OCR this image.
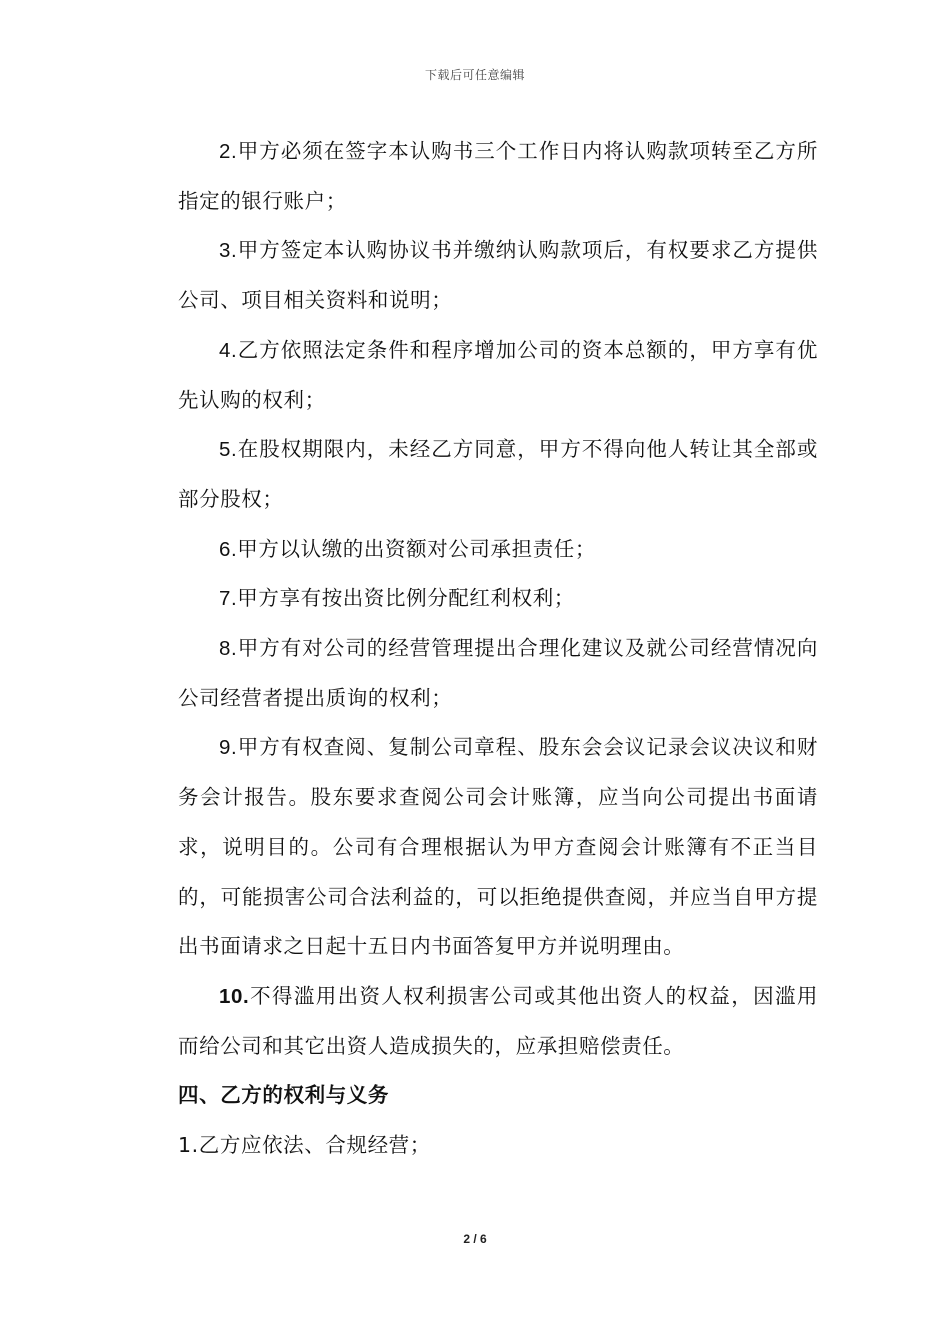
下载后可任意编辑

2.甲方必须在签字本认购书三个工作日内将认购款项转至乙方所指定的银行账户；

3.甲方签定本认购协议书并缴纳认购款项后，有权要求乙方提供公司、项目相关资料和说明；

4.乙方依照法定条件和程序增加公司的资本总额的，甲方享有优先认购的权利；

5.在股权期限内，未经乙方同意，甲方不得向他人转让其全部或部分股权；

6.甲方以认缴的出资额对公司承担责任；

7.甲方享有按出资比例分配红利权利；

8.甲方有对公司的经营管理提出合理化建议及就公司经营情况向公司经营者提出质询的权利；

9.甲方有权查阅、复制公司章程、股东会会议记录会议决议和财务会计报告。股东要求查阅公司会计账簿，应当向公司提出书面请求，说明目的。公司有合理根据认为甲方查阅会计账簿有不正当目的，可能损害公司合法利益的，可以拒绝提供查阅，并应当自甲方提出书面请求之日起十五日内书面答复甲方并说明理由。

10.不得滥用出资人权利损害公司或其他出资人的权益，因滥用而给公司和其它出资人造成损失的，应承担赔偿责任。

四、乙方的权利与义务

1.乙方应依法、合规经营；

2 / 6
